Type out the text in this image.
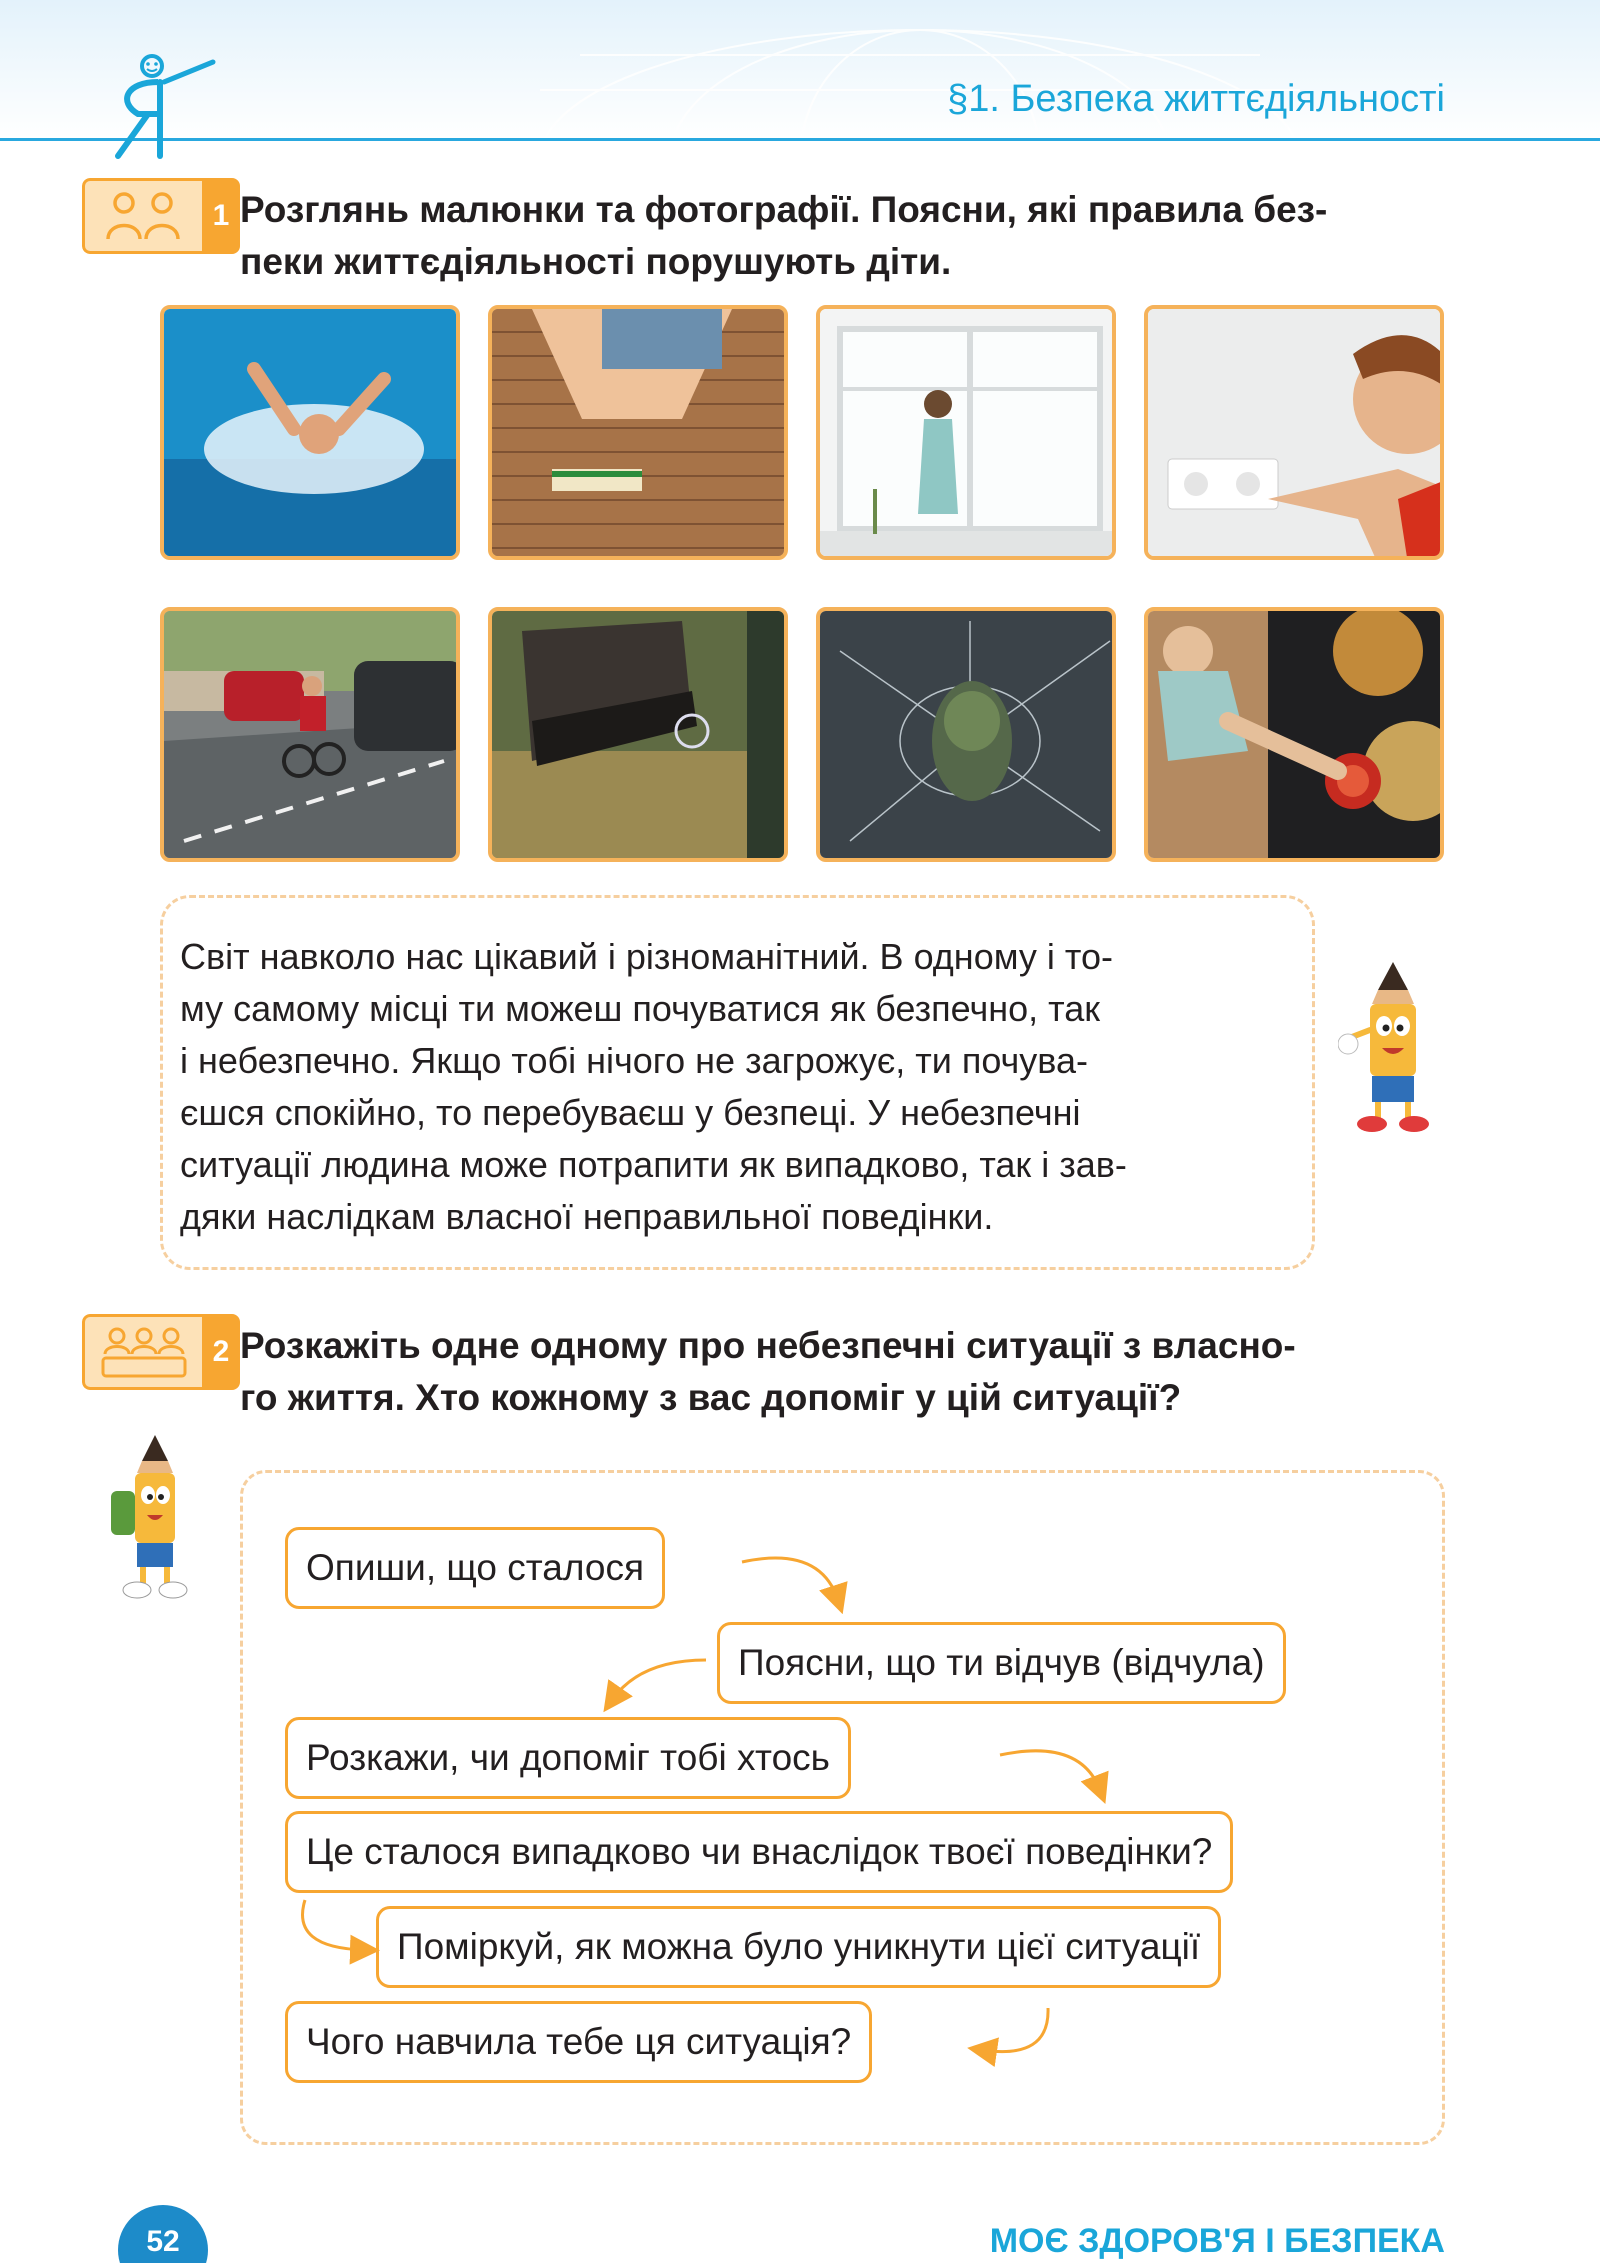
§1. Безпека життєдіяльності
1 Розглянь малюнки та фотографії. Поясни, які правила без-
пеки життєдіяльності порушують діти.
Світ навколо нас цікавий і різноманітний. В одному і то-
му самому місці ти можеш почуватися як безпечно, так
і небезпечно. Якщо тобі нічого не загрожує, ти почува-
єшся спокійно, то перебуваєш у безпеці. У небезпечні
ситуації людина може потрапити як випадково, так і зав-
дяки наслідкам власної неправильної поведінки.
2 Розкажіть одне одному про небезпечні ситуації з власно-
го життя. Хто кожному з вас допоміг у цій ситуації?
Опиши, що сталося
Поясни, що ти відчув (відчула)
Розкажи, чи допоміг тобі хтось
Це сталося випадково чи внаслідок твоєї поведінки?
Поміркуй, як можна було уникнути цієї ситуації
Чого навчила тебе ця ситуація?
52	МОЄ ЗДОРОВ'Я І БЕЗПЕКА
